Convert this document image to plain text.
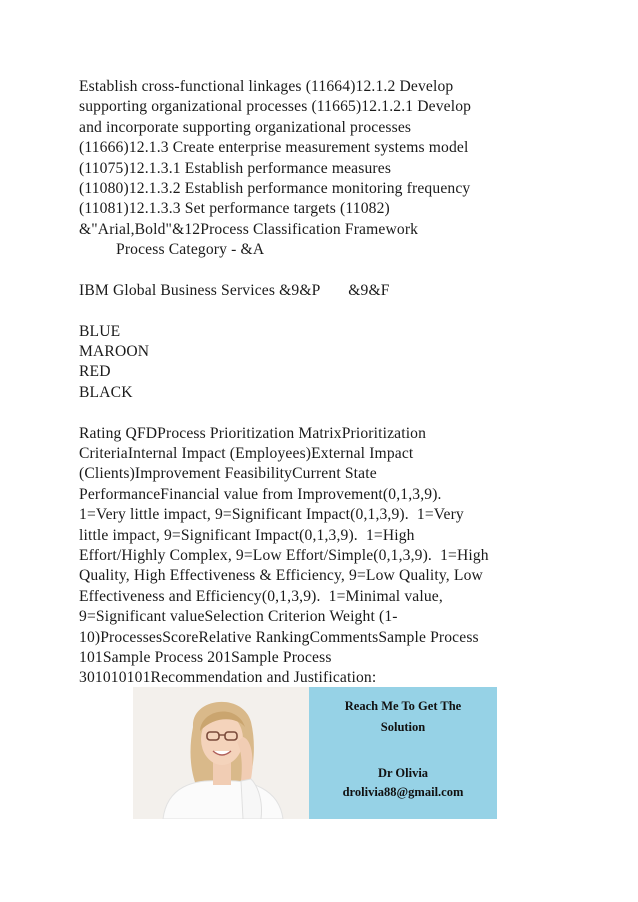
Establish cross-functional linkages (11664)12.1.2 Develop
supporting organizational processes (11665)12.1.2.1 Develop
and incorporate supporting organizational processes
(11666)12.1.3 Create enterprise measurement systems model
(11075)12.1.3.1 Establish performance measures
(11080)12.1.3.2 Establish performance monitoring frequency
(11081)12.1.3.3 Set performance targets (11082)
&"Arial,Bold"&12Process Classification Framework
Process Category - &A
IBM Global Business Services &9&P       &9&F
BLUE
MAROON
RED
BLACK
Rating QFDProcess Prioritization MatrixPrioritization
CriteriaInternal Impact (Employees)External Impact
(Clients)Improvement FeasibilityCurrent State
PerformanceFinancial value from Improvement(0,1,3,9).
1=Very little impact, 9=Significant Impact(0,1,3,9).  1=Very
little impact, 9=Significant Impact(0,1,3,9).  1=High
Effort/Highly Complex, 9=Low Effort/Simple(0,1,3,9).  1=High
Quality, High Effectiveness & Efficiency, 9=Low Quality, Low
Effectiveness and Efficiency(0,1,3,9).  1=Minimal value,
9=Significant valueSelection Criterion Weight (1-
10)ProcessesScoreRelative RankingCommentsSample Process
101Sample Process 201Sample Process
301010101Recommendation and Justification:
Reach Me To Get The
Solution
Dr Olivia
drolivia88@gmail.com
